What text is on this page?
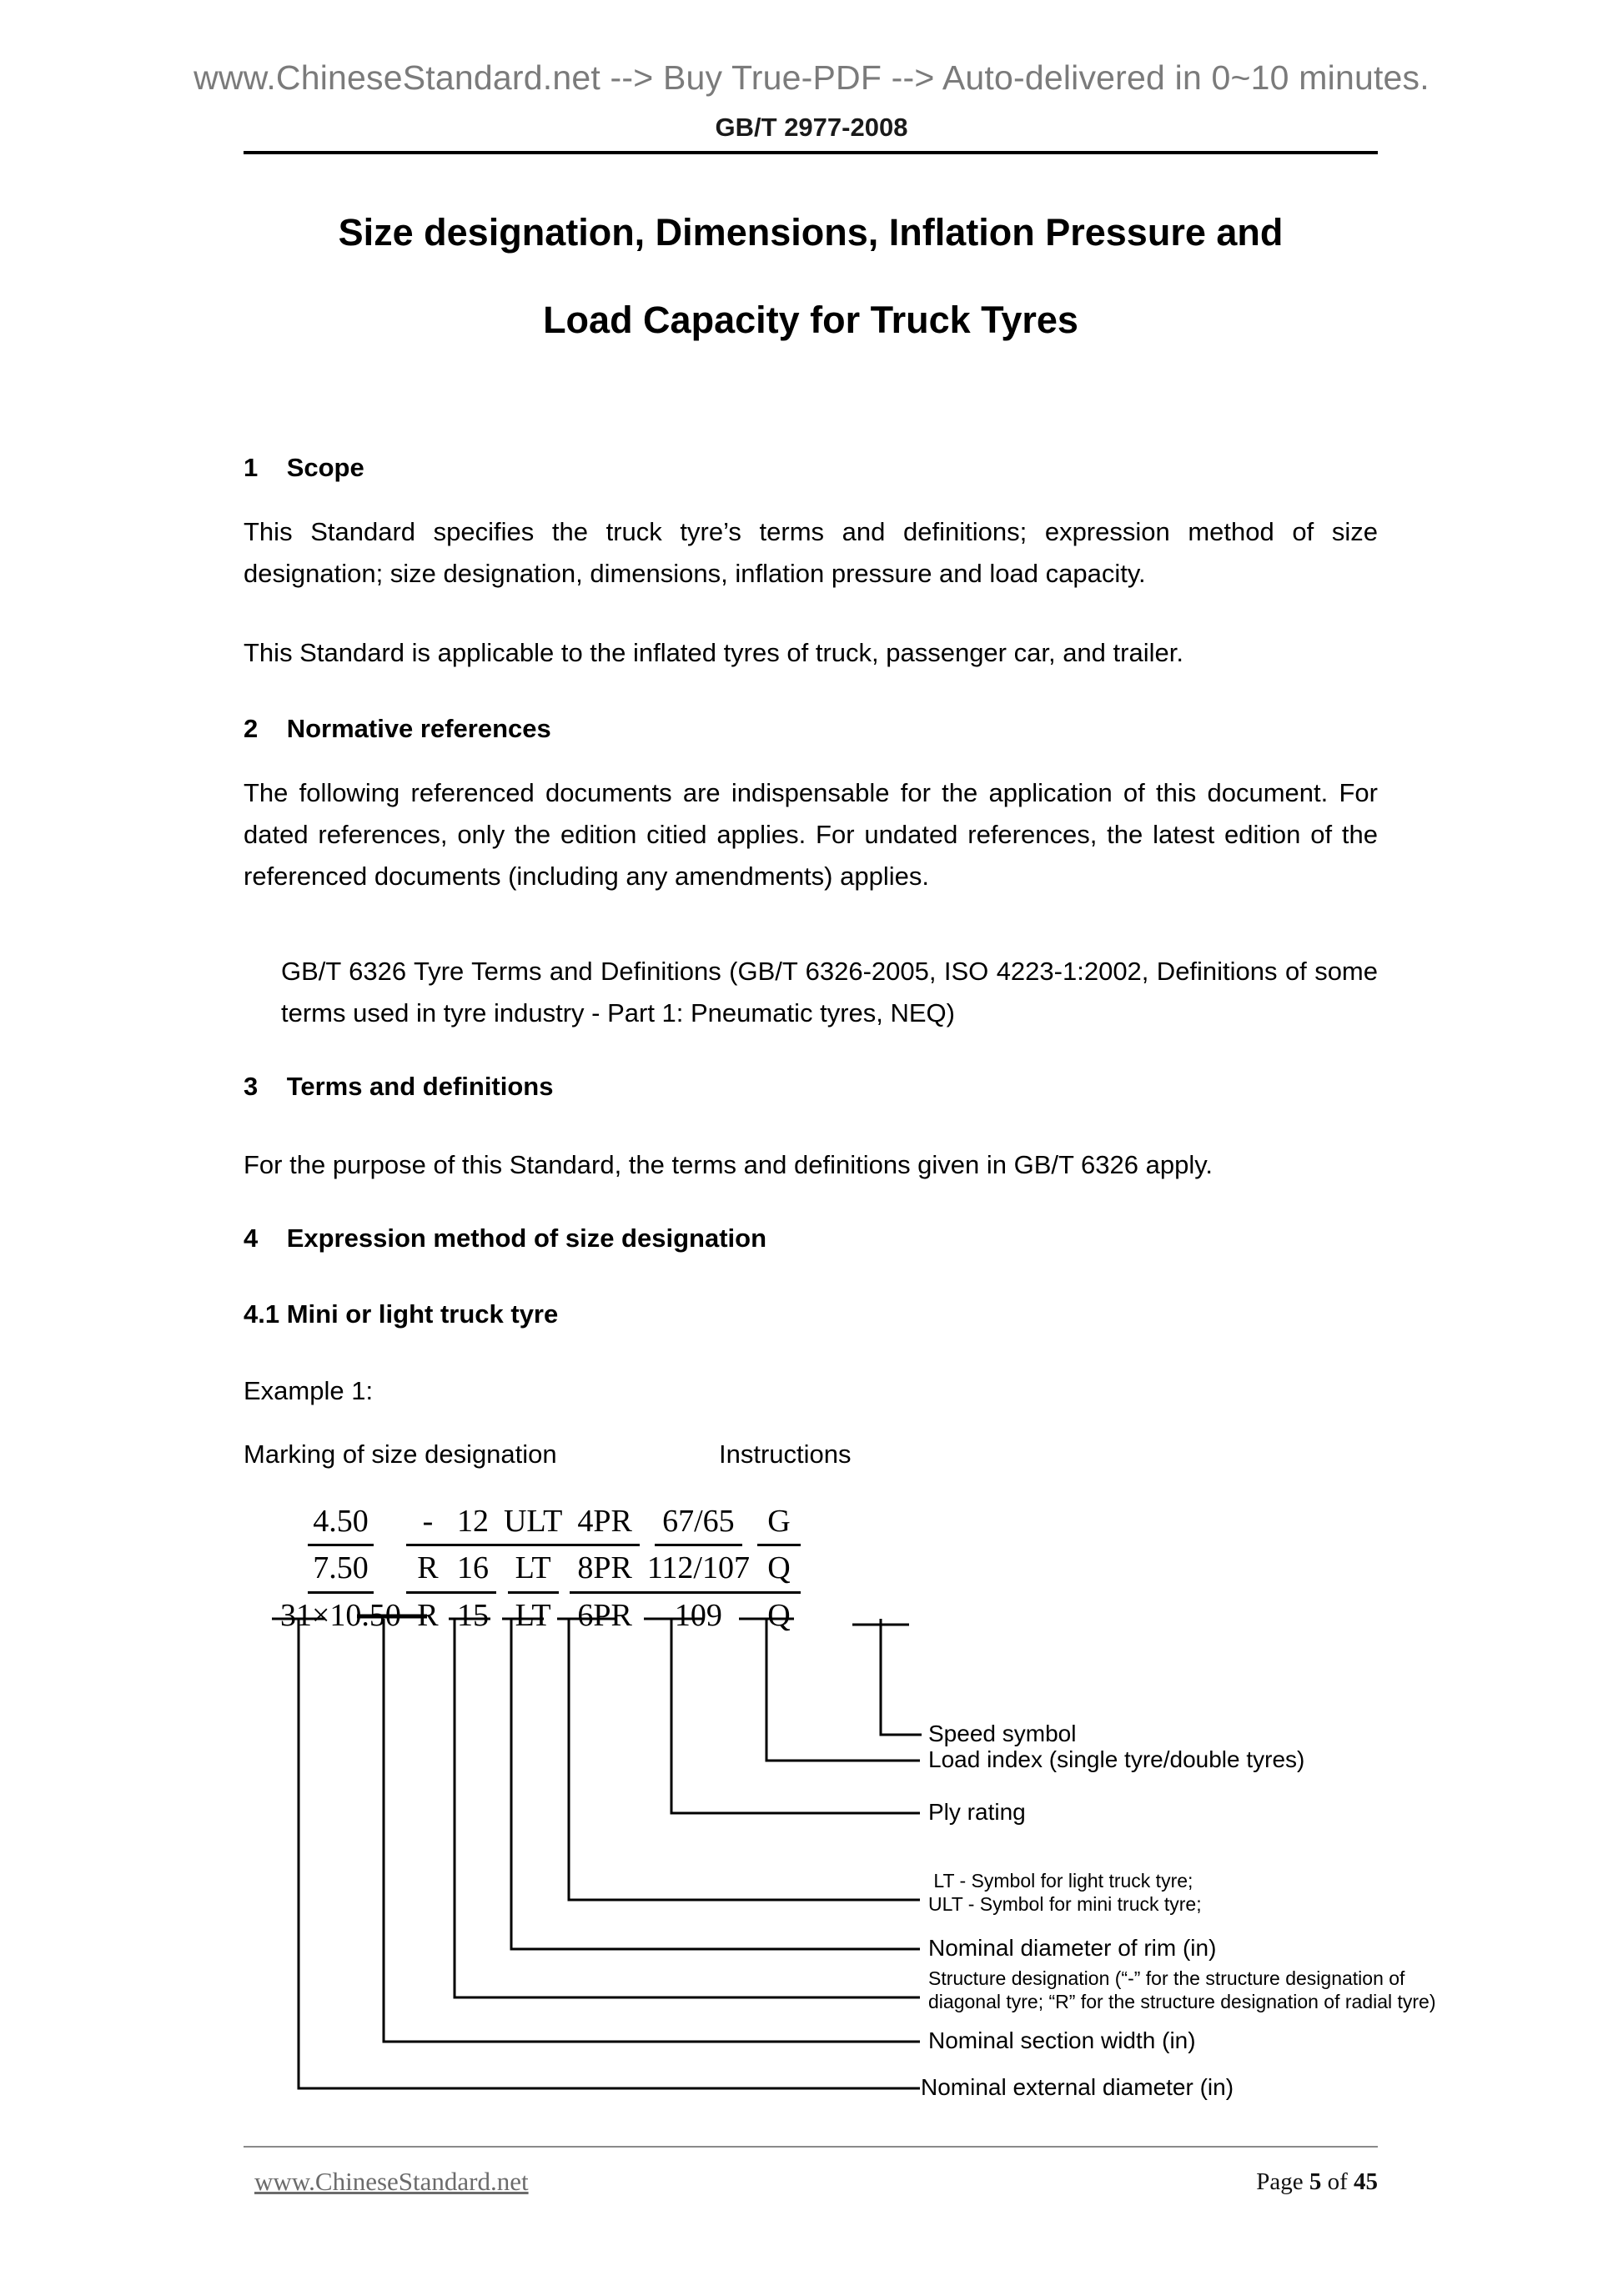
www.ChineseStandard.net --> Buy True-PDF --> Auto-delivered in 0~10 minutes.
GB/T 2977-2008
Size designation, Dimensions, Inflation Pressure and
Load Capacity for Truck Tyres
1    Scope
This Standard specifies the truck tyre’s terms and definitions; expression method of size designation; size designation, dimensions, inflation pressure and load capacity.
This Standard is applicable to the inflated tyres of truck, passenger car, and trailer.
2    Normative references
The following referenced documents are indispensable for the application of this document. For dated references, only the edition citied applies. For undated references, the latest edition of the referenced documents (including any amendments) applies.
GB/T 6326 Tyre Terms and Definitions (GB/T 6326-2005, ISO 4223-1:2002, Definitions of some terms used in tyre industry - Part 1: Pneumatic tyres, NEQ)
3    Terms and definitions
For the purpose of this Standard, the terms and definitions given in GB/T 6326 apply.
4    Expression method of size designation
4.1 Mini or light truck tyre
Example 1:
Marking of size designation	Instructions
4.50	-	12	ULT	4PR	67/65	G
7.50	R	16	LT	8PR	112/107	Q
31×10.50	R	15	LT	6PR	109	Q
Speed symbol
Load index (single tyre/double tyres)
Ply rating
LT - Symbol for light truck tyre;
ULT - Symbol for mini truck tyre;
Nominal diameter of rim (in)
Structure designation (“-” for the structure designation of
diagonal tyre; “R” for the structure designation of radial tyre)
Nominal section width (in)
Nominal external diameter (in)
www.ChineseStandard.net	Page 5 of 45
